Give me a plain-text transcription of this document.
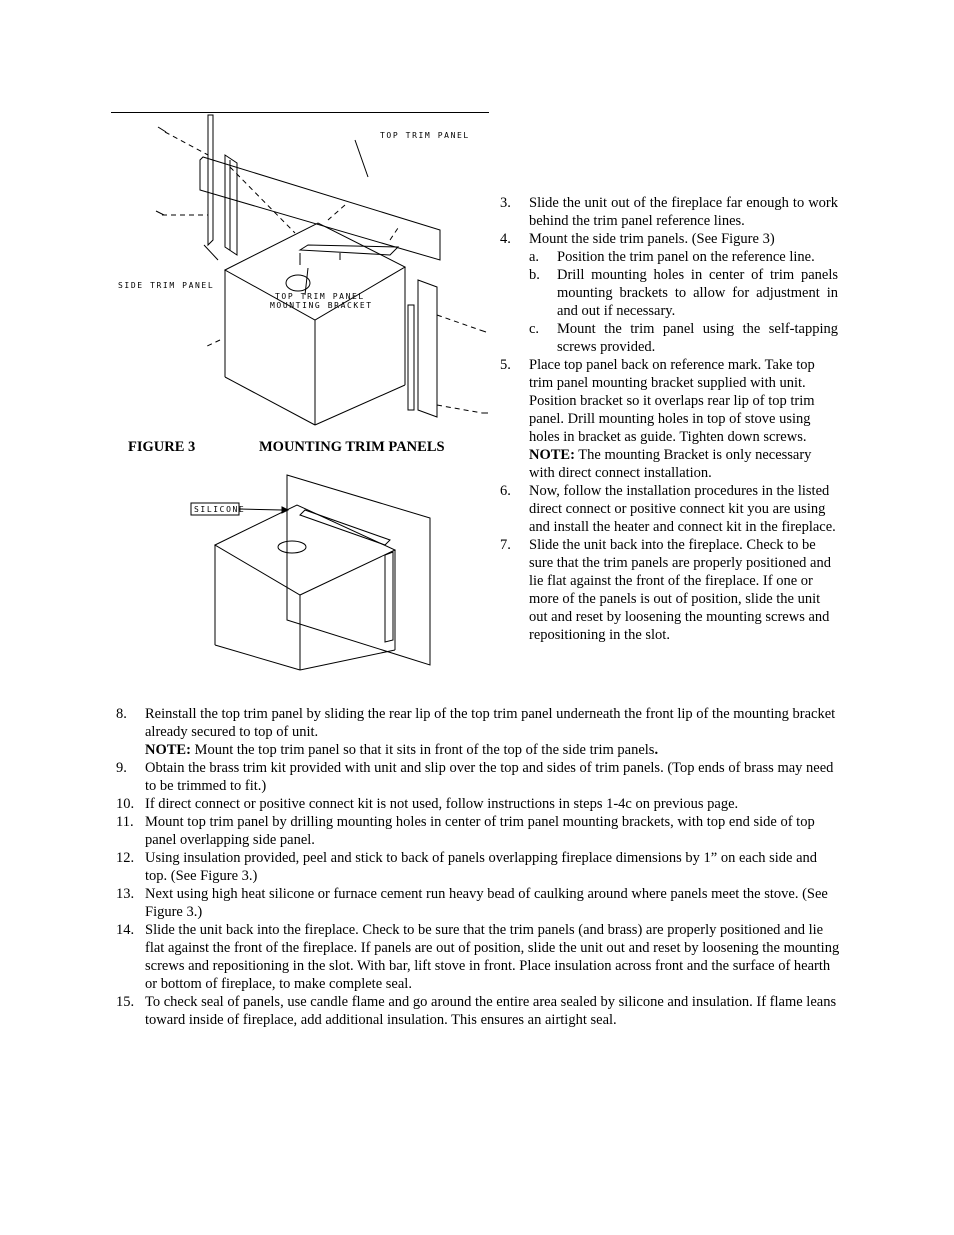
TOP TRIM PANEL
SIDE TRIM PANEL
TOP TRIM PANEL
MOUNTING BRACKET
FIGURE 3	MOUNTING TRIM PANELS
SILICONE
3. Slide the unit out of the fireplace far enough to work behind the trim panel reference lines.
4. Mount the side trim panels. (See Figure 3)
a. Position the trim panel on the reference line.
b. Drill mounting holes in center of trim panels mounting brackets to allow for adjustment in and out if necessary.
c. Mount the trim panel using the self-tapping screws provided.
5. Place top panel back on reference mark. Take top trim panel mounting bracket supplied with unit. Position bracket so it overlaps rear lip of top trim panel. Drill mounting holes in top of stove using holes in bracket as guide. Tighten down screws. NOTE: The mounting Bracket is only necessary with direct connect installation.
6. Now, follow the installation procedures in the listed direct connect or positive connect kit you are using and install the heater and connect kit in the fireplace.
7. Slide the unit back into the fireplace. Check to be sure that the trim panels are properly positioned and lie flat against the front of the fireplace. If one or more of the panels is out of position, slide the unit out and reset by loosening the mounting screws and repositioning in the slot.
8. Reinstall the top trim panel by sliding the rear lip of the top trim panel underneath the front lip of the mounting bracket already secured to top of unit.
NOTE: Mount the top trim panel so that it sits in front of the top of the side trim panels.
9. Obtain the brass trim kit provided with unit and slip over the top and sides of trim panels. (Top ends of brass may need to be trimmed to fit.)
10. If direct connect or positive connect kit is not used, follow instructions in steps 1-4c on previous page.
11. Mount top trim panel by drilling mounting holes in center of trim panel mounting brackets, with top end side of top panel overlapping side panel.
12. Using insulation provided, peel and stick to back of panels overlapping fireplace dimensions by 1” on each side and top. (See Figure 3.)
13. Next using high heat silicone or furnace cement run heavy bead of caulking around where panels meet the stove. (See Figure 3.)
14. Slide the unit back into the fireplace. Check to be sure that the trim panels (and brass) are properly positioned and lie flat against the front of the fireplace. If panels are out of position, slide the unit out and reset by loosening the mounting screws and repositioning in the slot. With bar, lift stove in front. Place insulation across front and the surface of hearth or bottom of fireplace, to make complete seal.
15. To check seal of panels, use candle flame and go around the entire area sealed by silicone and insulation. If flame leans toward inside of fireplace, add additional insulation. This ensures an airtight seal.
